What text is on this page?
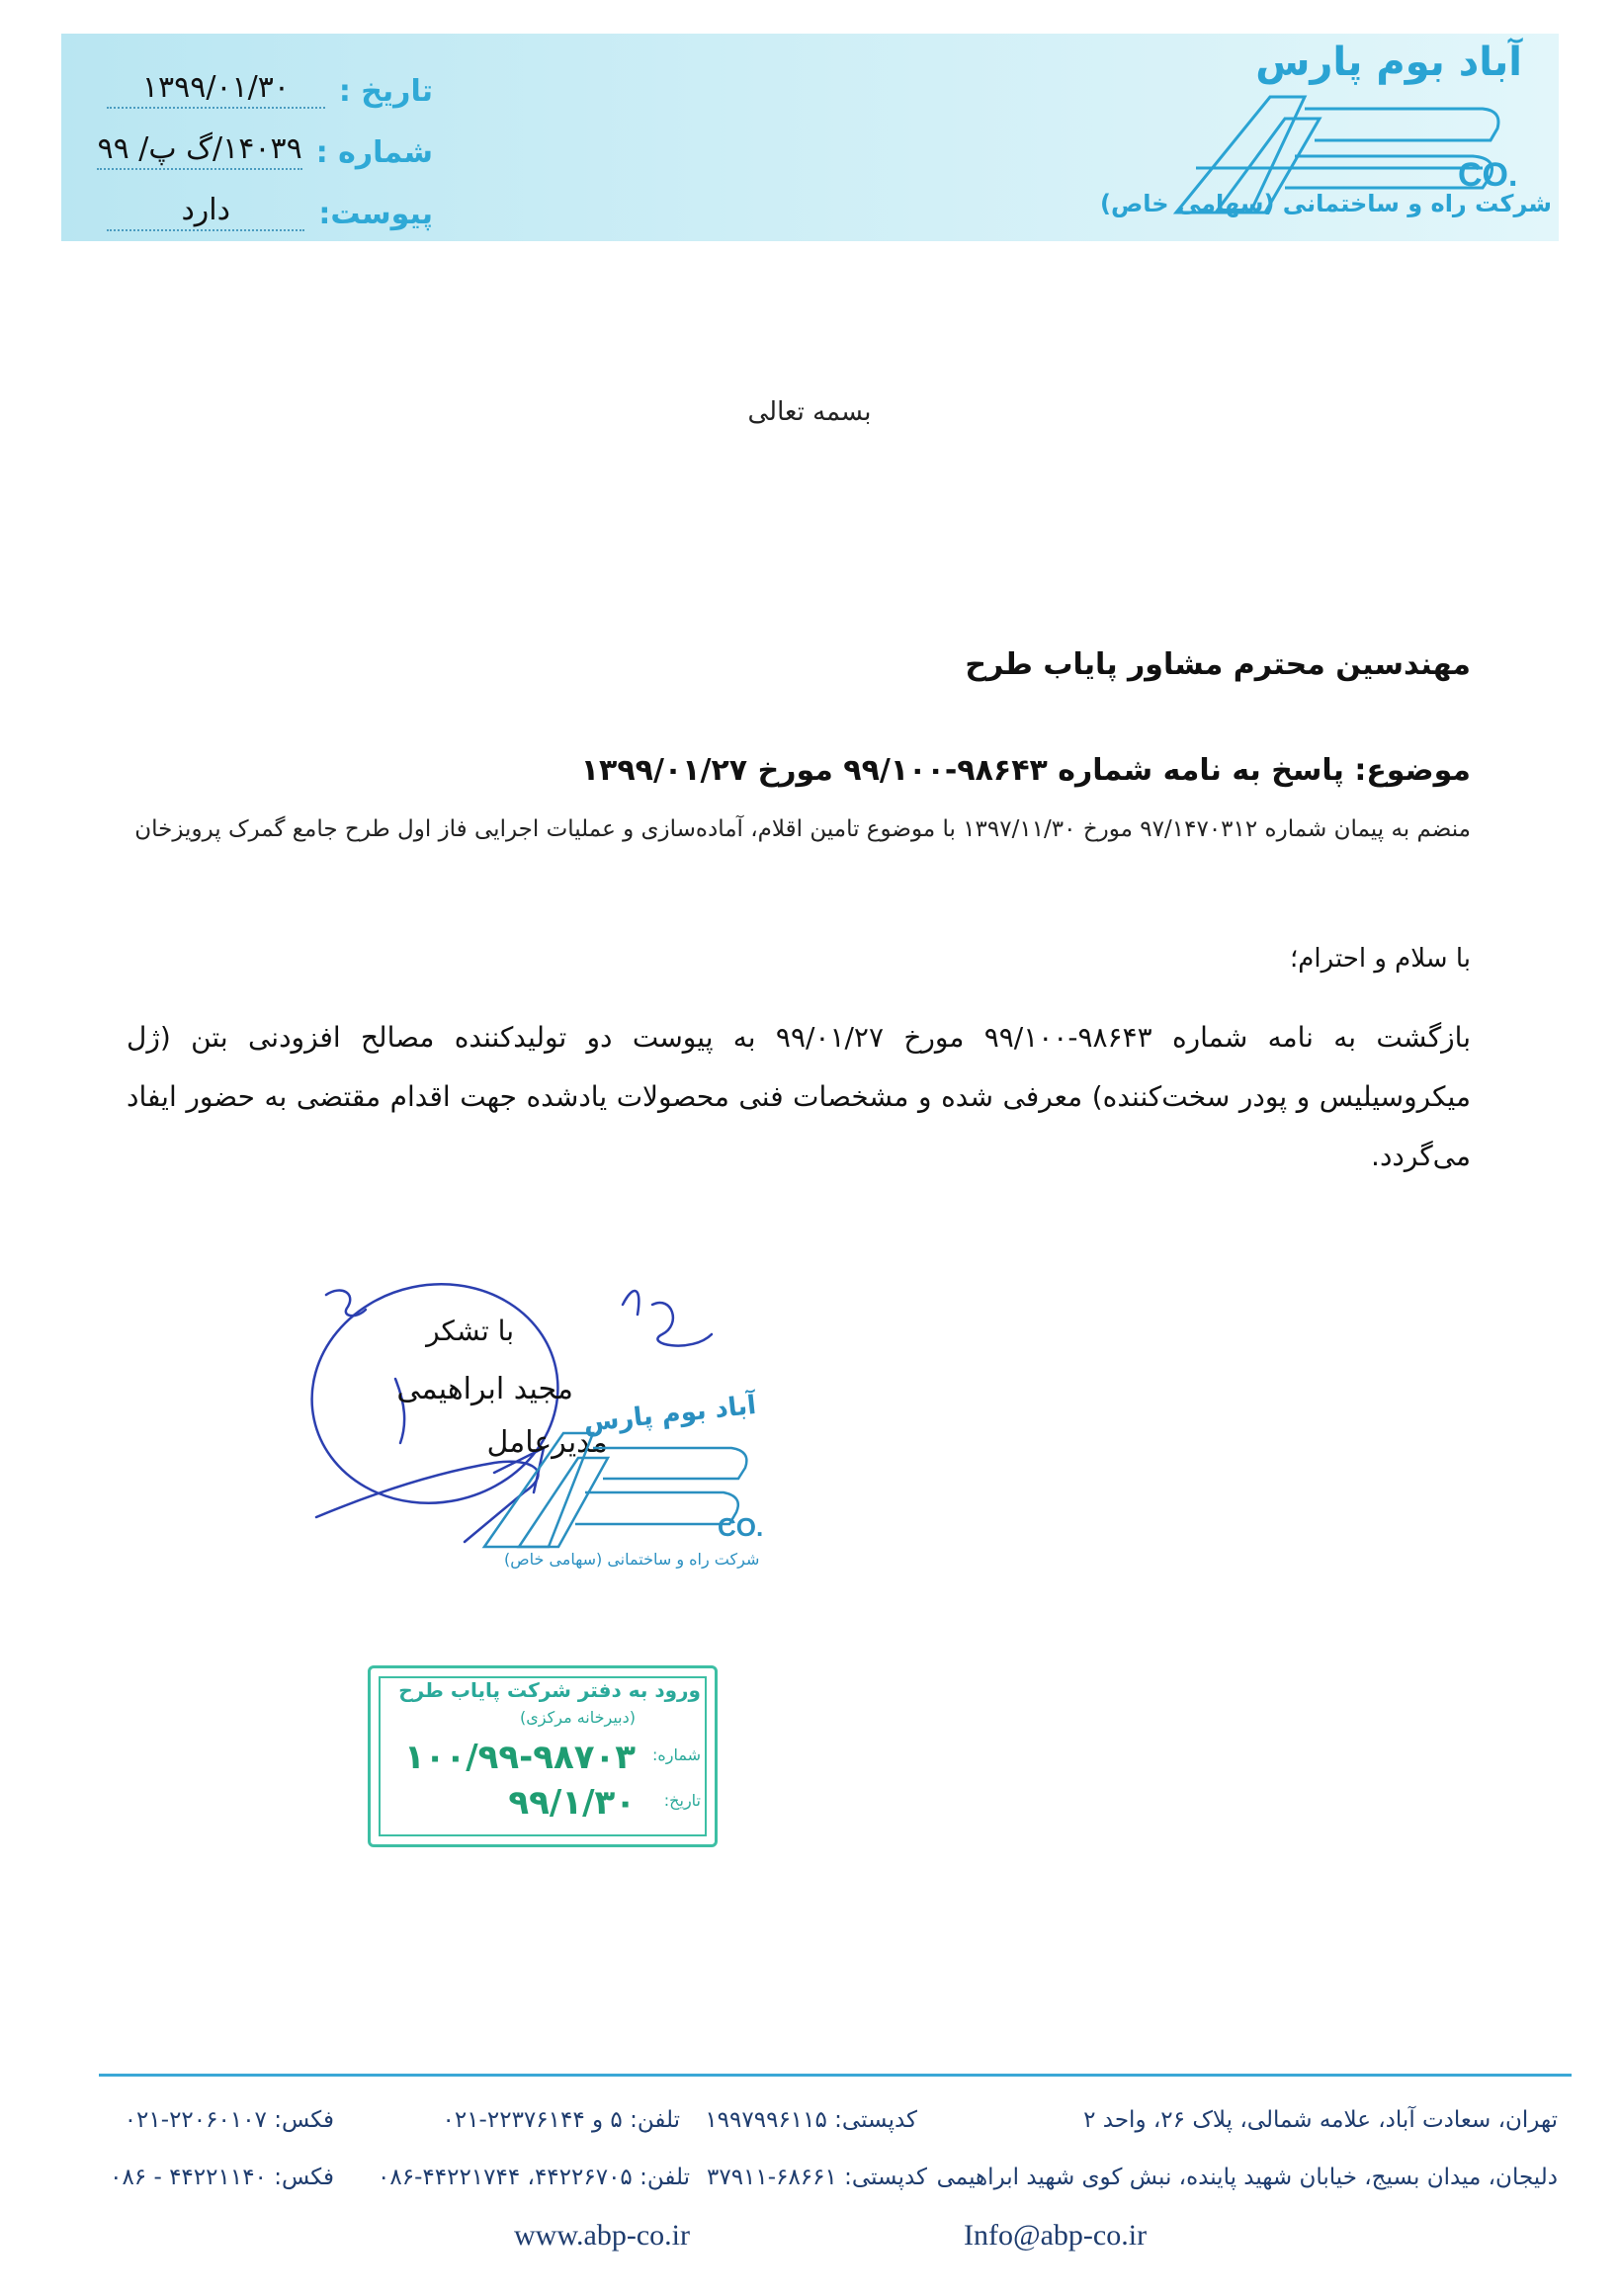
تاریخ :
۱۳۹۹/۰۱/۳۰
شماره :
۱۴۰۳۹/گ پ/ ۹۹
پیوست:
دارد
آباد بوم پارس
CO.
شرکت راه و ساختمانی (سهامی خاص)
بسمه تعالی
مهندسین محترم مشاور پایاب طرح
موضوع: پاسخ به نامه شماره ۹۸۶۴۳-۹۹/۱۰۰ مورخ ۱۳۹۹/۰۱/۲۷
منضم به پیمان شماره ۹۷/۱۴۷۰۳۱۲ مورخ ۱۳۹۷/۱۱/۳۰ با موضوع تامین اقلام، آماده‌سازی و عملیات اجرایی فاز اول طرح جامع گمرک پرویزخان
با سلام و احترام؛
بازگشت به نامه شماره ۹۸۶۴۳-۹۹/۱۰۰ مورخ ۹۹/۰۱/۲۷ به پیوست دو تولیدکننده مصالح افزودنی بتن (ژل میکروسیلیس و پودر سخت‌کننده) معرفی شده و مشخصات فنی محصولات یادشده جهت اقدام مقتضی به حضور ایفاد می‌گردد.
با تشکر
مجید ابراهیمی
مدیرعامل
آباد بوم پارس
CO.
شرکت راه و ساختمانی (سهامی خاص)
ورود به دفتر شرکت پایاب طرح
(دبیرخانه مرکزی)
شماره:
۱۰۰/۹۹-۹۸۷۰۳
تاریخ:
۹۹/۱/۳۰
تهران، سعادت آباد، علامه شمالی، پلاک ۲۶، واحد ۲
کدپستی: ۱۹۹۷۹۹۶۱۱۵
تلفن: ۵ و ۲۲۳۷۶۱۴۴-۰۲۱
فکس: ۲۲۰۶۰۱۰۷-۰۲۱
دلیجان، میدان بسیج، خیابان شهید پاینده، نبش کوی شهید ابراهیمی
کدپستی: ۶۸۶۶۱-۳۷۹۱۱
تلفن: ۴۴۲۲۶۷۰۵، ۴۴۲۲۱۷۴۴-۰۸۶
فکس: ۴۴۲۲۱۱۴۰ - ۰۸۶
www.abp-co.ir	Info@abp-co.ir
